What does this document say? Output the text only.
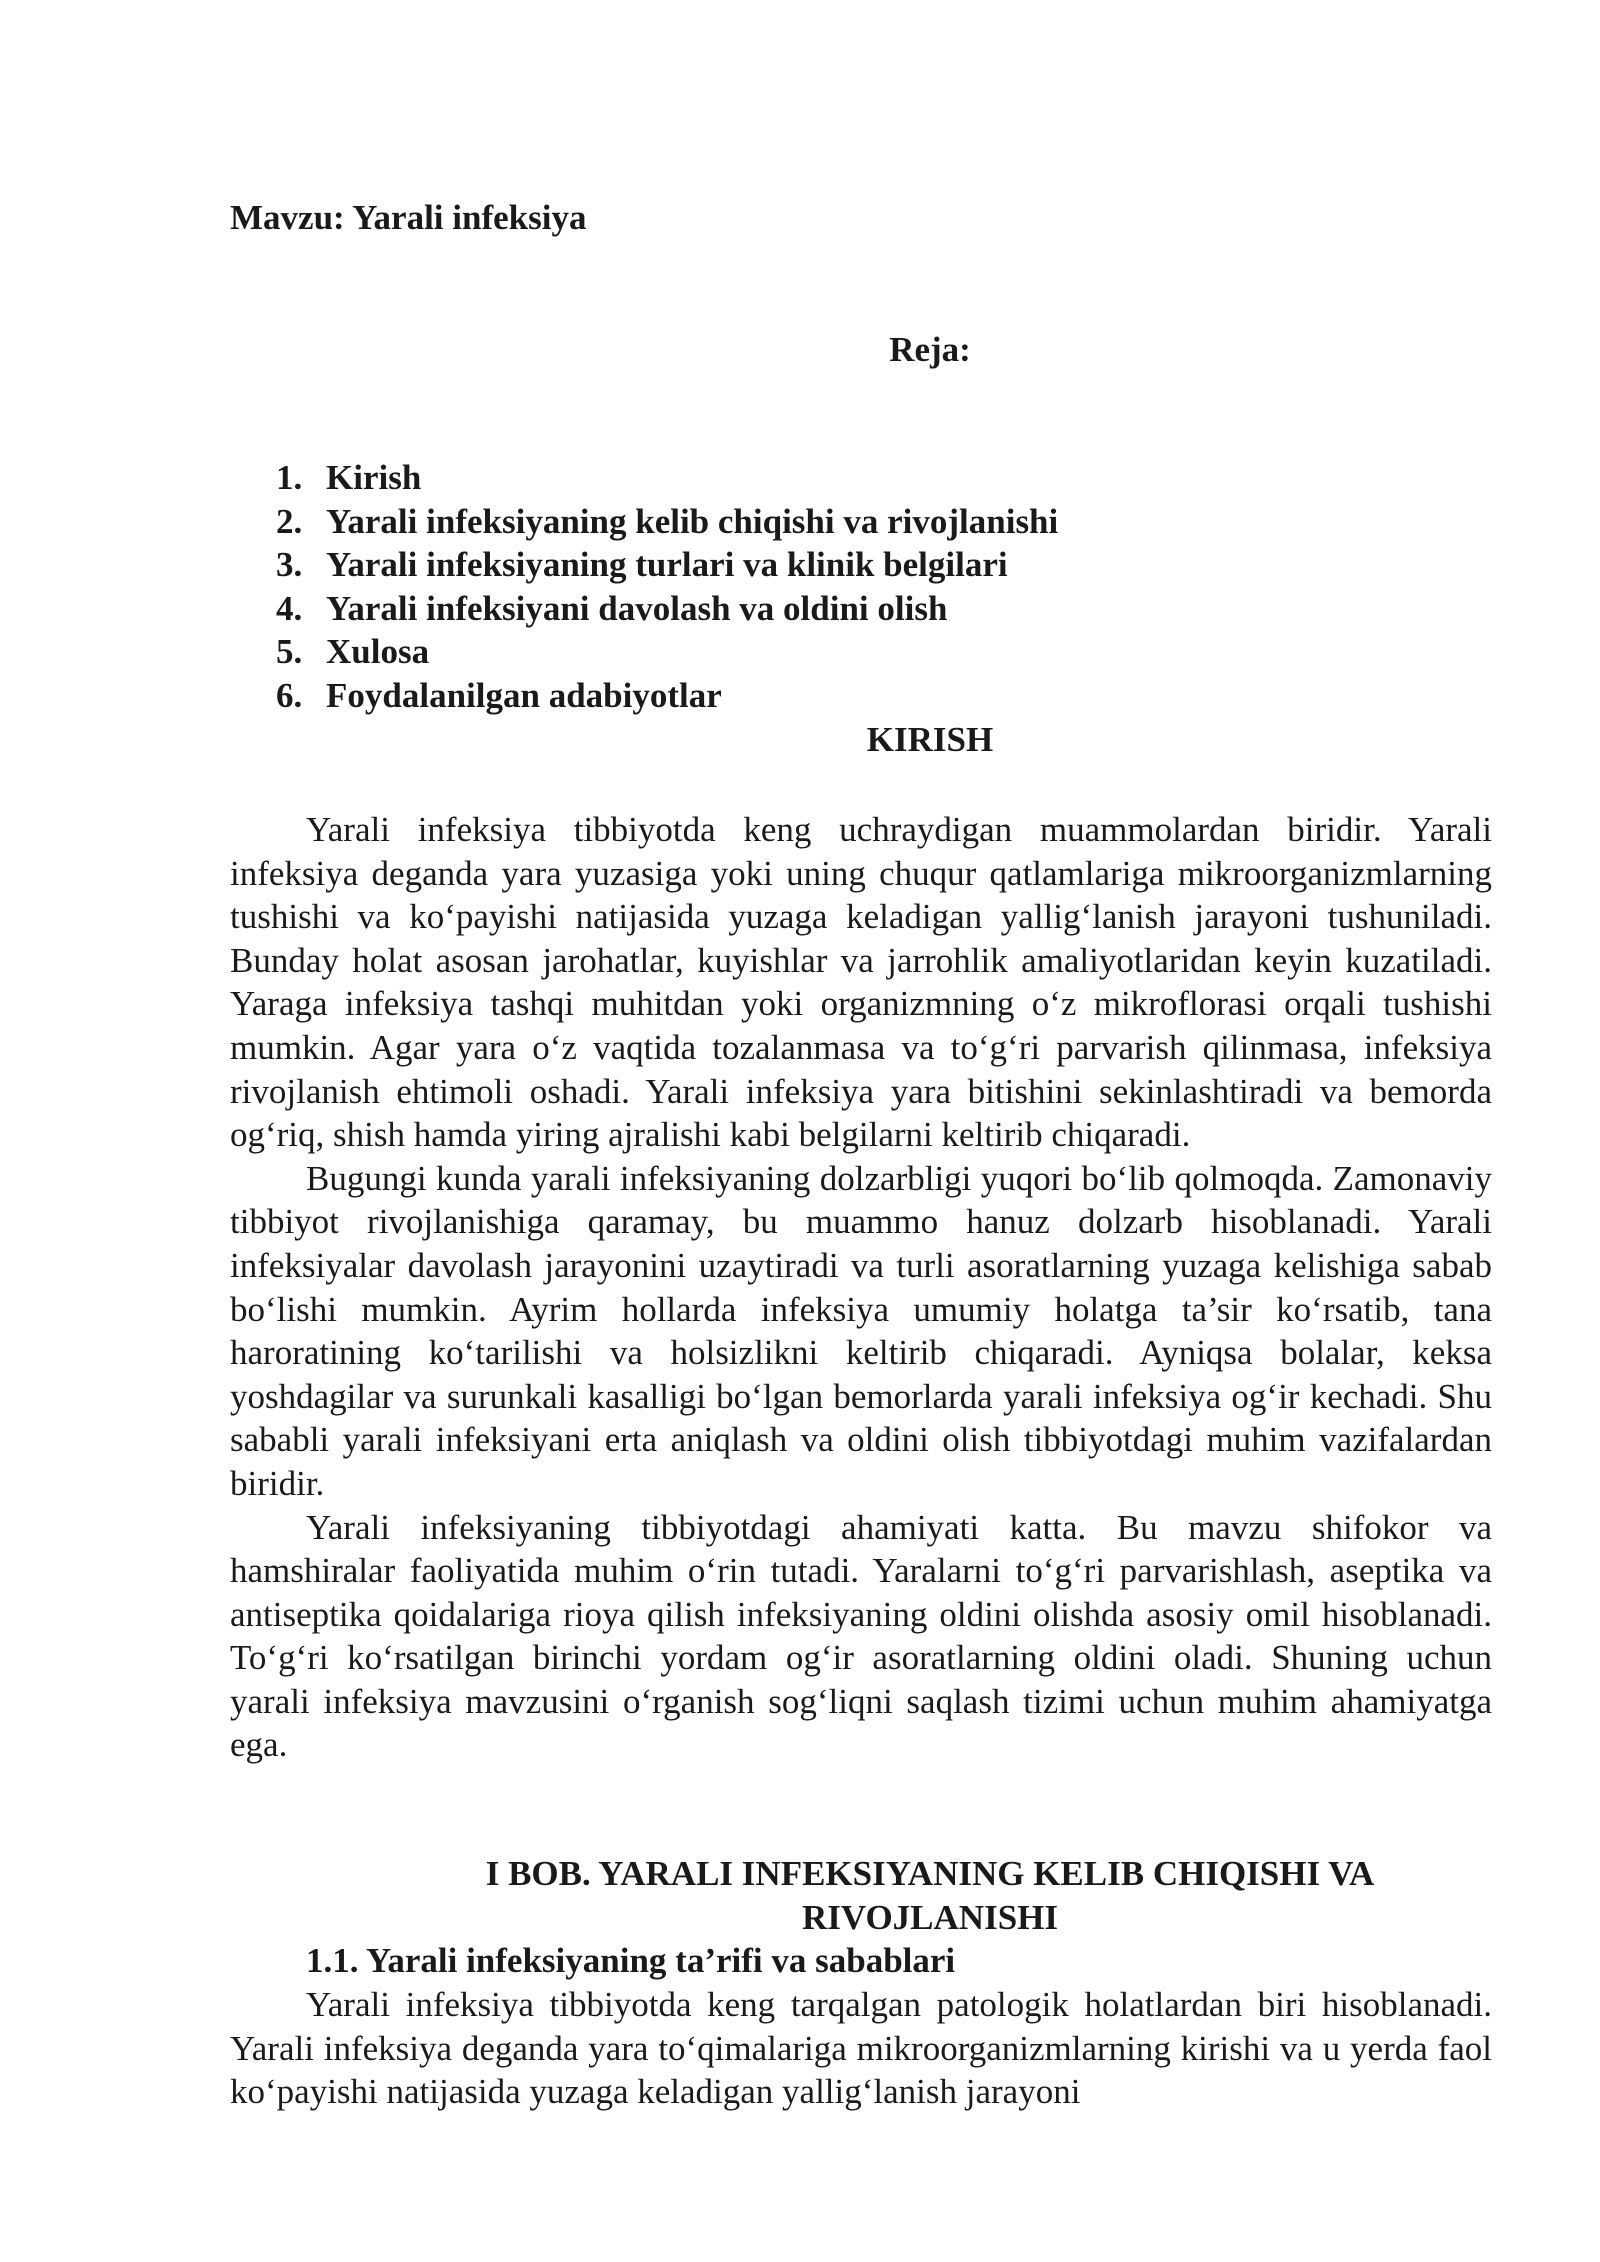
Mavzu: Yarali infeksiya
Reja:
1. Kirish
2. Yarali infeksiyaning kelib chiqishi va rivojlanishi
3. Yarali infeksiyaning turlari va klinik belgilari
4. Yarali infeksiyani davolash va oldini olish
5. Xulosa
6. Foydalanilgan adabiyotlar
KIRISH

Yarali infeksiya tibbiyotda keng uchraydigan muammolardan biridir. Yarali infeksiya deganda yara yuzasiga yoki uning chuqur qatlamlariga mikroorganizmlarning tushishi va ko‘payishi natijasida yuzaga keladigan yallig‘lanish jarayoni tushuniladi. Bunday holat asosan jarohatlar, kuyishlar va jarrohlik amaliyotlaridan keyin kuzatiladi. Yaraga infeksiya tashqi muhitdan yoki organizmning o‘z mikroflorasi orqali tushishi mumkin. Agar yara o‘z vaqtida tozalanmasa va to‘g‘ri parvarish qilinmasa, infeksiya rivojlanish ehtimoli oshadi. Yarali infeksiya yara bitishini sekinlashtiradi va bemorda og‘riq, shish hamda yiring ajralishi kabi belgilarni keltirib chiqaradi.

Bugungi kunda yarali infeksiyaning dolzarbligi yuqori bo‘lib qolmoqda. Zamonaviy tibbiyot rivojlanishiga qaramay, bu muammo hanuz dolzarb hisoblanadi. Yarali infeksiyalar davolash jarayonini uzaytiradi va turli asoratlarning yuzaga kelishiga sabab bo‘lishi mumkin. Ayrim hollarda infeksiya umumiy holatga ta’sir ko‘rsatib, tana haroratining ko‘tarilishi va holsizlikni keltirib chiqaradi. Ayniqsa bolalar, keksa yoshdagilar va surunkali kasalligi bo‘lgan bemorlarda yarali infeksiya og‘ir kechadi. Shu sababli yarali infeksiyani erta aniqlash va oldini olish tibbiyotdagi muhim vazifalardan biridir.

Yarali infeksiyaning tibbiyotdagi ahamiyati katta. Bu mavzu shifokor va hamshiralar faoliyatida muhim o‘rin tutadi. Yaralarni to‘g‘ri parvarishlash, aseptika va antiseptika qoidalariga rioya qilish infeksiyaning oldini olishda asosiy omil hisoblanadi. To‘g‘ri ko‘rsatilgan birinchi yordam og‘ir asoratlarning oldini oladi. Shuning uchun yarali infeksiya mavzusini o‘rganish sog‘liqni saqlash tizimi uchun muhim ahamiyatga ega.

I BOB. YARALI INFEKSIYANING KELIB CHIQISHI VA
RIVOJLANISHI
1.1. Yarali infeksiyaning ta’rifi va sabablari

Yarali infeksiya tibbiyotda keng tarqalgan patologik holatlardan biri hisoblanadi. Yarali infeksiya deganda yara to‘qimalariga mikroorganizmlarning kirishi va u yerda faol ko‘payishi natijasida yuzaga keladigan yallig‘lanish jarayoni
